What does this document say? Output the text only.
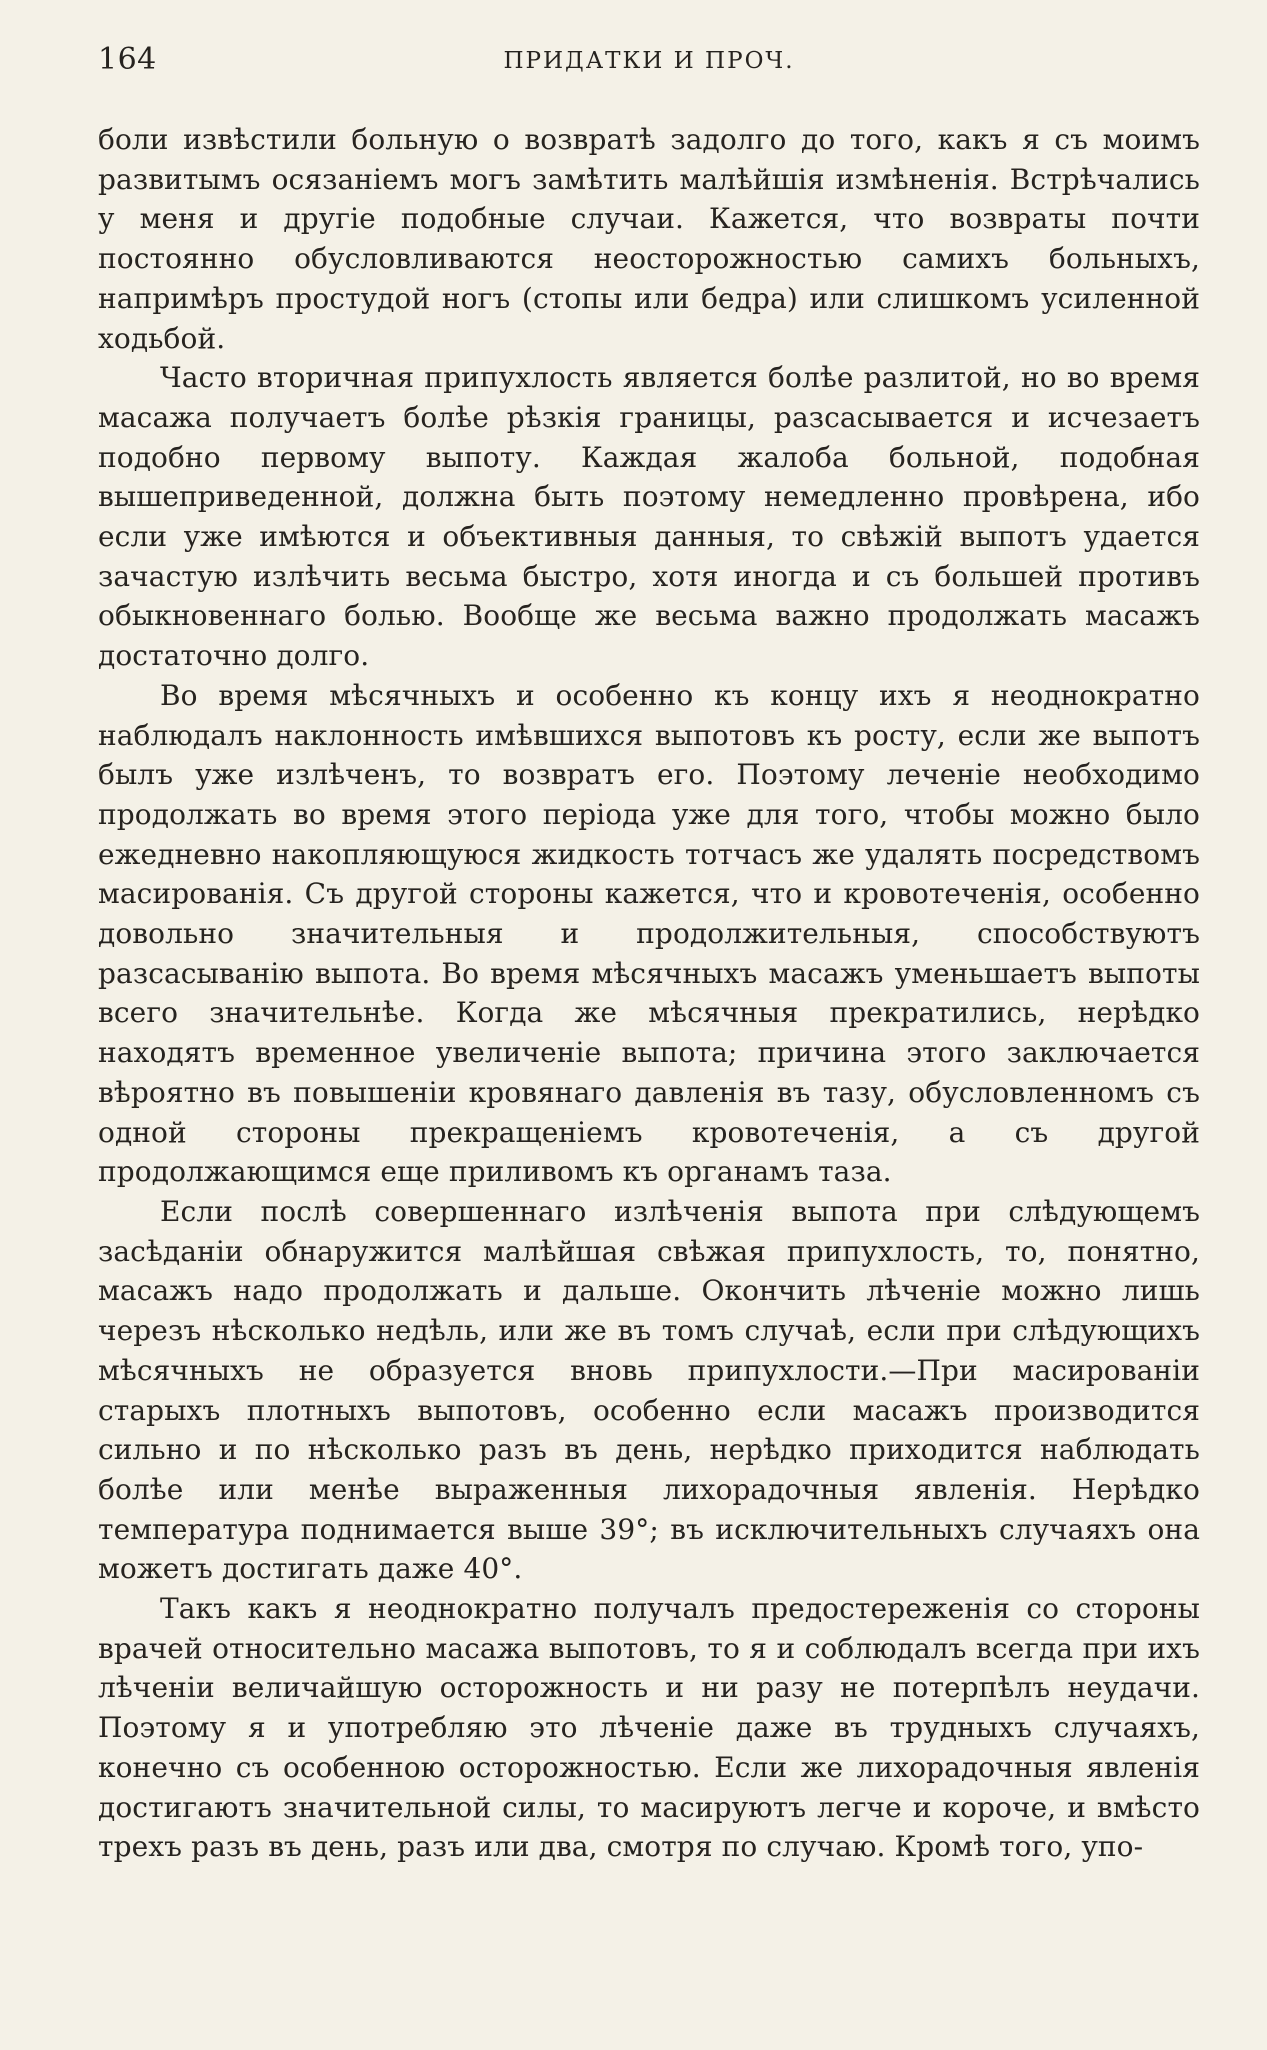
164	ПРИДАТКИ И ПРОЧ.

боли извѣстили больную о возвратѣ задолго до того, какъ я съ моимъ развитымъ осязаніемъ могъ замѣтить малѣйшія измѣненія. Встрѣчались у меня и другіе подобные случаи. Кажется, что возвраты почти постоянно обусловливаются неосторожностью самихъ больныхъ, напримѣръ простудой ногъ (стопы или бедра) или слишкомъ усиленной ходьбой.

Часто вторичная припухлость является болѣе разлитой, но во время масажа получаетъ болѣе рѣзкія границы, разсасывается и исчезаетъ подобно первому выпоту. Каждая жалоба больной, подобная вышеприведенной, должна быть поэтому немедленно провѣрена, ибо если уже имѣются и объективныя данныя, то свѣжій выпотъ удается зачастую излѣчить весьма быстро, хотя иногда и съ большей противъ обыкновеннаго болью. Вообще же весьма важно продолжать масажъ достаточно долго.

Во время мѣсячныхъ и особенно къ концу ихъ я неоднократно наблюдалъ наклонность имѣвшихся выпотовъ къ росту, если же выпотъ былъ уже излѣченъ, то возвратъ его. Поэтому леченіе необходимо продолжать во время этого періода уже для того, чтобы можно было ежедневно накопляющуюся жидкость тотчасъ же удалять посредствомъ масированія. Съ другой стороны кажется, что и кровотеченія, особенно довольно значительныя и продолжительныя, способствуютъ разсасыванію выпота. Во время мѣсячныхъ масажъ уменьшаетъ выпоты всего значительнѣе. Когда же мѣсячныя прекратились, нерѣдко находятъ временное увеличеніе выпота; причина этого заключается вѣроятно въ повышеніи кровянаго давленія въ тазу, обусловленномъ съ одной стороны прекращеніемъ кровотеченія, а съ другой продолжающимся еще приливомъ къ органамъ таза.

Если послѣ совершеннаго излѣченія выпота при слѣдующемъ засѣданіи обнаружится малѣйшая свѣжая припухлость, то, понятно, масажъ надо продолжать и дальше. Окончить лѣченіе можно лишь черезъ нѣсколько недѣль, или же въ томъ случаѣ, если при слѣдующихъ мѣсячныхъ не образуется вновь припухлости.—При масированіи старыхъ плотныхъ выпотовъ, особенно если масажъ производится сильно и по нѣсколько разъ въ день, нерѣдко приходится наблюдать болѣе или менѣе выраженныя лихорадочныя явленія. Нерѣдко температура поднимается выше 39°; въ исключительныхъ случаяхъ она можетъ достигать даже 40°.

Такъ какъ я неоднократно получалъ предостереженія со стороны врачей относительно масажа выпотовъ, то я и соблюдалъ всегда при ихъ лѣченіи величайшую осторожность и ни разу не потерпѣлъ неудачи. Поэтому я и употребляю это лѣченіе даже въ трудныхъ случаяхъ, конечно съ особенною осторожностью. Если же лихорадочныя явленія достигаютъ значительной силы, то масируютъ легче и короче, и вмѣсто трехъ разъ въ день, разъ или два, смотря по случаю. Кромѣ того, упо-
